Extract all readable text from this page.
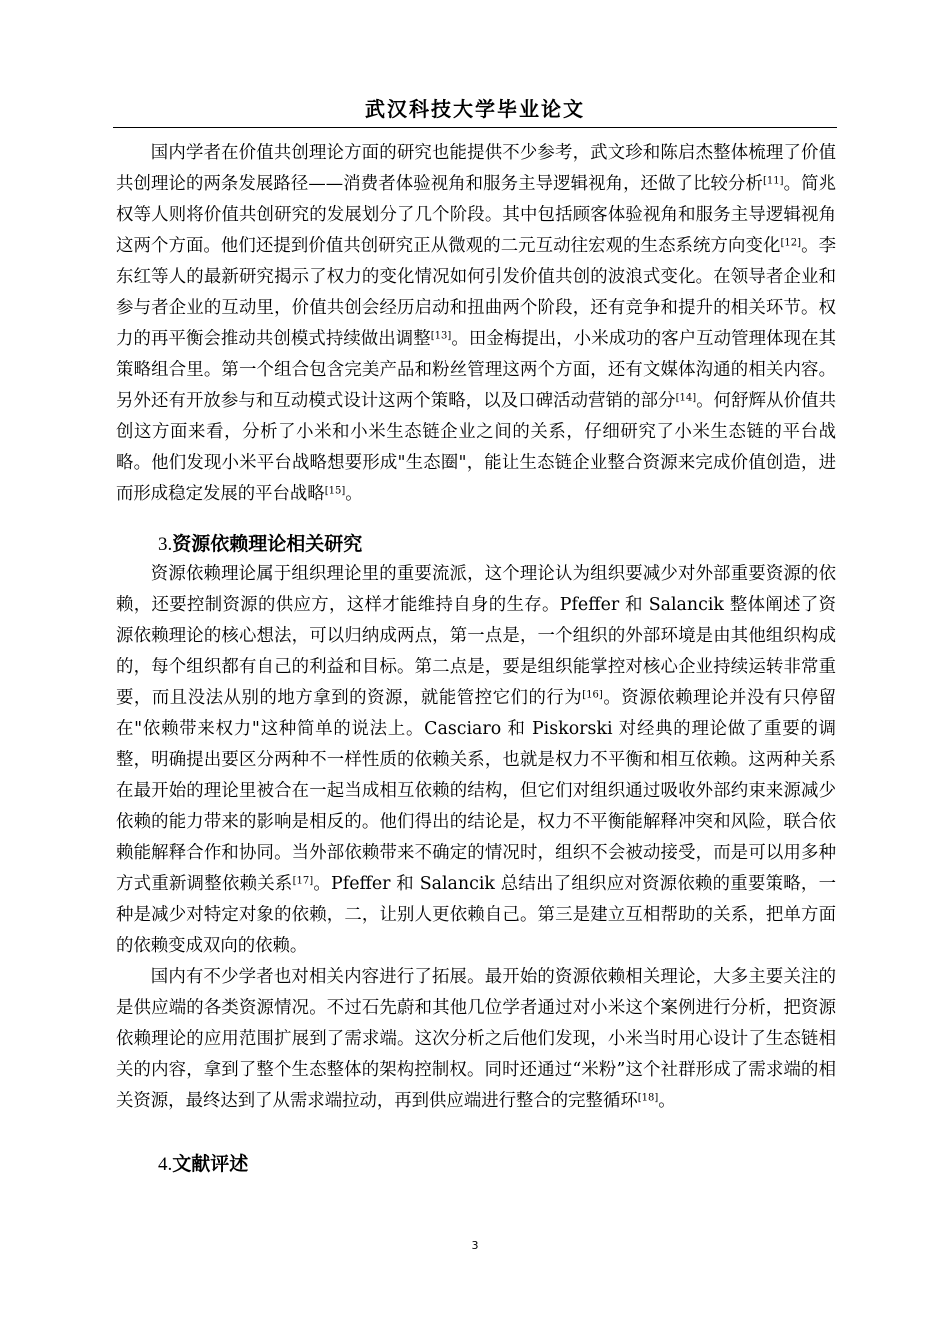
武汉科技大学毕业论文

国内学者在价值共创理论方面的研究也能提供不少参考，武文珍和陈启杰整体梳理了价值共创理论的两条发展路径——消费者体验视角和服务主导逻辑视角，还做了比较分析[11]。简兆权等人则将价值共创研究的发展划分了几个阶段。其中包括顾客体验视角和服务主导逻辑视角这两个方面。他们还提到价值共创研究正从微观的二元互动往宏观的生态系统方向变化[12]。李东红等人的最新研究揭示了权力的变化情况如何引发价值共创的波浪式变化。在领导者企业和参与者企业的互动里，价值共创会经历启动和扭曲两个阶段，还有竞争和提升的相关环节。权力的再平衡会推动共创模式持续做出调整[13]。田金梅提出，小米成功的客户互动管理体现在其策略组合里。第一个组合包含完美产品和粉丝管理这两个方面，还有文媒体沟通的相关内容。另外还有开放参与和互动模式设计这两个策略，以及口碑活动营销的部分[14]。何舒辉从价值共创这方面来看，分析了小米和小米生态链企业之间的关系，仔细研究了小米生态链的平台战略。他们发现小米平台战略想要形成"生态圈"，能让生态链企业整合资源来完成价值创造，进而形成稳定发展的平台战略[15]。

3.资源依赖理论相关研究

资源依赖理论属于组织理论里的重要流派，这个理论认为组织要减少对外部重要资源的依赖，还要控制资源的供应方，这样才能维持自身的生存。Pfeffer 和 Salancik 整体阐述了资源依赖理论的核心想法，可以归纳成两点，第一点是，一个组织的外部环境是由其他组织构成的，每个组织都有自己的利益和目标。第二点是，要是组织能掌控对核心企业持续运转非常重要，而且没法从别的地方拿到的资源，就能管控它们的行为[16]。资源依赖理论并没有只停留在"依赖带来权力"这种简单的说法上。Casciaro 和 Piskorski 对经典的理论做了重要的调整，明确提出要区分两种不一样性质的依赖关系，也就是权力不平衡和相互依赖。这两种关系在最开始的理论里被合在一起当成相互依赖的结构，但它们对组织通过吸收外部约束来源减少依赖的能力带来的影响是相反的。他们得出的结论是，权力不平衡能解释冲突和风险，联合依赖能解释合作和协同。当外部依赖带来不确定的情况时，组织不会被动接受，而是可以用多种方式重新调整依赖关系[17]。Pfeffer 和 Salancik 总结出了组织应对资源依赖的重要策略，一种是减少对特定对象的依赖，二，让别人更依赖自己。第三是建立互相帮助的关系，把单方面的依赖变成双向的依赖。

国内有不少学者也对相关内容进行了拓展。最开始的资源依赖相关理论，大多主要关注的是供应端的各类资源情况。不过石先蔚和其他几位学者通过对小米这个案例进行分析，把资源依赖理论的应用范围扩展到了需求端。这次分析之后他们发现，小米当时用心设计了生态链相关的内容，拿到了整个生态整体的架构控制权。同时还通过“米粉”这个社群形成了需求端的相关资源，最终达到了从需求端拉动，再到供应端进行整合的完整循环[18]。

4.文献评述
3
